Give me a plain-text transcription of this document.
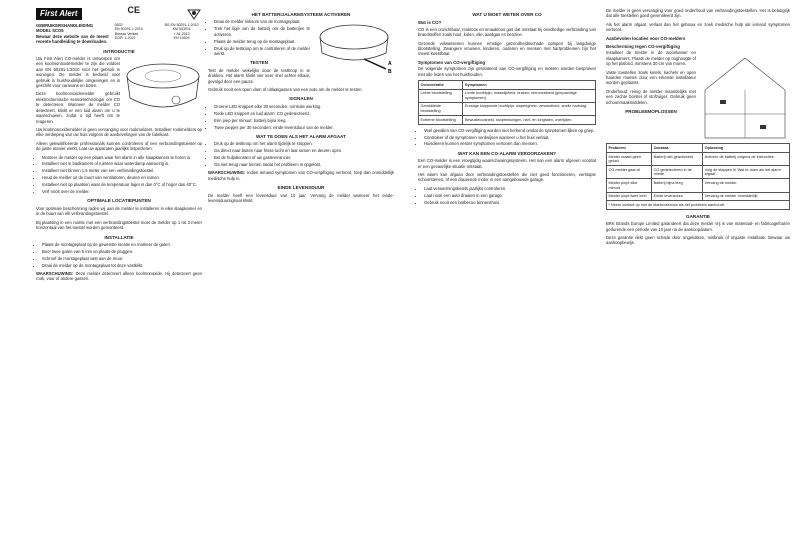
First Alert	CE
GEBRUIKERSHANDLEIDING
MODEL SCO5
Bewaar deze website van de meest recente handleiding te downloaden.
0832
EN 50291-1:2010
Bureau Veritas
DOP: 1-2021
BS EN 50291-1:2010
KM 543911
+ A1:2012
EN 14604
INTRODUCTIE

Uw First Alert CO-melder is ontworpen om een koolmonoxidemelder te zijn die voldoet aan EN 50291-1:2010 voor het gebruik in woningen. De melder is bedoeld voor gebruik in huishoudelijke omgevingen en is geschikt voor caravans en boten.

Deze koolmonoxidemelder gebruikt elektrochemische sensortechnologie om CO te detecteren. Wanneer de melder CO detecteert, klinkt er een luid alarm om u te waarschuwen, zodat u tijd heeft om te reageren.

Uw koolmonoxidemelder is geen vervanging voor rookmelders. Installeer rookmelders op elke verdieping van uw huis volgens de aanbevelingen van de fabrikant.

Alleen gekwalificeerde professionals kunnen controleren of een verbrandingstoestel op de juiste manier werkt. Laat uw apparaten jaarlijks inspecteren.

• Monteer de melder op een plaats waar het alarm in alle slaapkamers te horen is.
• Installeer niet in badkamers of ruimten waar waterdamp aanwezig is.
• Installeer niet binnen 1,5 meter van een verbrandingstoestel.
• Houd de melder uit de buurt van ventilatoren, deuren en ramen.
• Installeer niet op plaatsen waar de temperatuur lager is dan 0°C of hoger dan 40°C.
• Verf nooit over de melder.
OPTIMALE LOCATIEPUNTEN

Voor optimale bescherming raden wij aan de melder te installeren in elke slaapkamer en in de buurt van elk verbrandingstoestel.

Bij plaatsing in een ruimte met een verbrandingstoestel moet de melder op 1 tot 3 meter horizontaal van het toestel worden gemonteerd.

INSTALLATIE
• Plaats de montageplaat op de gewenste locatie en markeer de gaten.
• Boor twee gaten van 5 mm en plaats de pluggen.
• Schroef de montageplaat vast aan de muur.
• Draai de melder op de montageplaat tot deze vastklikt.

WAARSCHUWING: Deze melder detecteert alleen koolmonoxide. Hij detecteert geen rook, vuur of andere gassen.

HET BATTERIJALARMSYSTEEM ACTIVEREN
A
B
• Draai de melder linksom van de montageplaat.
• Trek het lipje van de batterij om de batterijen te activeren.
• Plaats de melder terug op de montageplaat.
• Druk op de testknop om te controleren of de melder werkt.
TESTEN

Test de melder wekelijks door de testknop in te drukken. Het alarm klinkt vier keer snel achter elkaar, gevolgd door een pauze.

Gebruik nooit een open vlam of uitlaatgassen van een auto om de melder te testen.

SIGNALEN
• Groene LED knippert elke 30 seconden: normale werking.
• Rode LED knippert en luid alarm: CO gedetecteerd.
• Eén piep per minuut: batterij bijna leeg.
• Twee piepjes per 30 seconden: einde levensduur van de melder.
WAT TE DOEN ALS HET ALARM AFGAAT
• Druk op de testknop om het alarm tijdelijk te stoppen.
• Ga direct naar buiten naar frisse lucht en laat ramen en deuren open.
• Bel de hulpdiensten of uw gasleverancier.
• Ga niet terug naar binnen totdat het probleem is opgelost.

WAARSCHUWING: Indien iemand symptomen van CO-vergiftiging vertoont, roep dan onmiddellijk medische hulp in.

EINDE LEVENSDUUR

De melder heeft een levensduur van 10 jaar. Vervang de melder wanneer het einde-levensduursignaal klinkt.

WAT U MOET WETEN OVER CO
Wat is CO?

CO is een onzichtbaar, reukloos en smaakloos gas dat ontstaat bij onvolledige verbranding van brandstoffen zoals hout, kolen, olie, aardgas en benzine.

Gezonde volwassenen kunnen ernstige gezondheidsschade oplopen bij langdurige blootstelling. Zwangere vrouwen, kinderen, ouderen en mensen met hartproblemen zijn het meest kwetsbaar.

Symptomen van CO-vergiftiging

De volgende symptomen zijn gerelateerd aan CO-vergiftiging en moeten worden besproken met alle leden van het huishouden.

Concentratie	Symptomen
Lichte blootstelling	Lichte hoofdpijn, misselijkheid, braken, vermoeidheid (griepachtige symptomen).
Gemiddelde blootstelling	Ernstige kloppende hoofdpijn, slaperigheid, verwardheid, snelle hartslag.
Extreme blootstelling	Bewusteloosheid, stuiptrekkingen, hart- en longfalen, overlijden.
• Veel gevallen van CO-vergiftiging worden niet herkend omdat de symptomen lijken op griep.
• Controleer of de symptomen verdwijnen wanneer u het huis verlaat.
• Huisdieren kunnen eerder symptomen vertonen dan mensen.
WAT KAN EEN CO-ALARM VEROORZAKEN?

Een CO-melder is een vroegtijdig waarschuwingssysteem. Het kan een alarm afgeven voordat er een gevaarlijke situatie ontstaat.

Het alarm kan afgaan door verbrandingstoestellen die niet goed functioneren, verstopte schoorstenen, of een draaiende motor in een aangebouwde garage.

• Laat verwarmingsketels jaarlijks controleren.
• Laat nooit een auto draaien in een garage.
• Gebruik nooit een barbecue binnenshuis.

De melder is geen vervanging voor goed onderhoud van verbrandingstoestellen. Het is belangrijk dat alle toestellen goed geventileerd zijn.

Als het alarm afgaat, verlaat dan het gebouw en zoek medische hulp als iemand symptomen vertoont.

Aanbevolen locaties voor CO-melders
Bescherming tegen CO-vergiftiging

Installeer de melder in de woonkamer en slaapkamers. Plaats de melder op ooghoogte of op het plafond, minstens 30 cm van muren.

Vaste toestellen zoals ketels, kachels en open haarden moeten door een erkende installateur worden geplaatst.

Onderhoud: reinig de melder maandelijks met een zachte borstel of stofzuiger. Gebruik geen schoonmaakmiddelen.

PROBLEEMOPLOSSEN
Probleem	Oorzaak	Oplossing
Melder maakt geen geluid	Batterij niet geactiveerd	Activeer de batterij volgens de instructies.
CO-melder gaat af	CO gedetecteerd in de ruimte	Volg de stappen in 'Wat te doen als het alarm afgaat'.
Melder piept elke minuut	Batterij bijna leeg	Vervang de melder.
Melder piept twee keer	Einde levensduur	Vervang de melder onmiddellijk.
* Neem contact op met de klantenservice als het probleem aanhoudt.		
GARANTIE

BRK Brands Europe Limited garandeert dat deze melder vrij is van materiaal- en fabricagefouten gedurende een periode van 10 jaar na de aankoopdatum.

Deze garantie dekt geen schade door ongelukken, misbruik of onjuiste installatie. Bewaar uw aankoopbewijs.
